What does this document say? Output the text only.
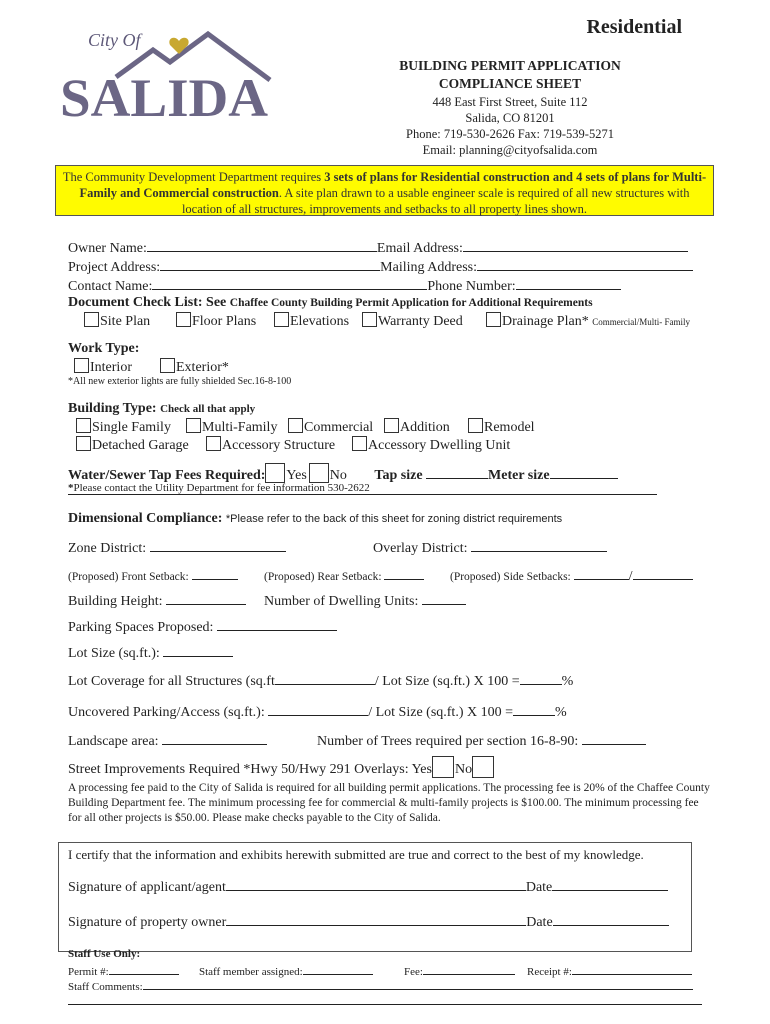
City Of
SALIDA
Residential
BUILDING PERMIT APPLICATION
COMPLIANCE SHEET
448 East First Street, Suite 112
Salida, CO 81201
Phone: 719-530-2626 Fax: 719-539-5271
Email: planning@cityofsalida.com
The Community Development Department requires 3 sets of plans for Residential construction and 4 sets of plans for Multi-Family and Commercial construction. A site plan drawn to a usable engineer scale is required of all new structures with location of all structures, improvements and setbacks to all property lines shown.
Owner Name:	Email Address:
Project Address:	Mailing Address:
Contact Name:	Phone Number:
Document Check List: See Chaffee County Building Permit Application for Additional Requirements
Site Plan	Floor Plans	Elevations	Warranty Deed	Drainage Plan* Commercial/Multi- Family
Work Type:
Interior	Exterior*
*All new exterior lights are fully shielded Sec.16-8-100
Building Type: Check all that apply
Single Family	Multi-Family	Commercial	Addition	Remodel
Detached Garage	Accessory Structure	Accessory Dwelling Unit
Water/Sewer Tap Fees Required: Yes No Tap size	Meter size
*Please contact the Utility Department for fee information 530-2622
Dimensional Compliance: *Please refer to the back of this sheet for zoning district requirements
Zone District:	Overlay District:
(Proposed) Front Setback:	(Proposed) Rear Setback:	(Proposed) Side Setbacks:	/
Building Height:	Number of Dwelling Units:
Parking Spaces Proposed:
Lot Size (sq.ft.):
Lot Coverage for all Structures (sq.ft	/ Lot Size (sq.ft.) X 100 =	%
Uncovered Parking/Access (sq.ft.):	/ Lot Size (sq.ft.) X 100 =	%
Landscape area:	Number of Trees required per section 16-8-90:
Street Improvements Required *Hwy 50/Hwy 291 Overlays: Yes No
A processing fee paid to the City of Salida is required for all building permit applications. The processing fee is 20% of the Chaffee County Building Department fee. The minimum processing fee for commercial & multi-family projects is $100.00. The minimum processing fee for all other projects is $50.00. Please make checks payable to the City of Salida.
I certify that the information and exhibits herewith submitted are true and correct to the best of my knowledge.
Signature of applicant/agent	Date
Signature of property owner	Date
Staff Use Only:
Permit #:	Staff member assigned:	Fee:	Receipt #:
Staff Comments:
